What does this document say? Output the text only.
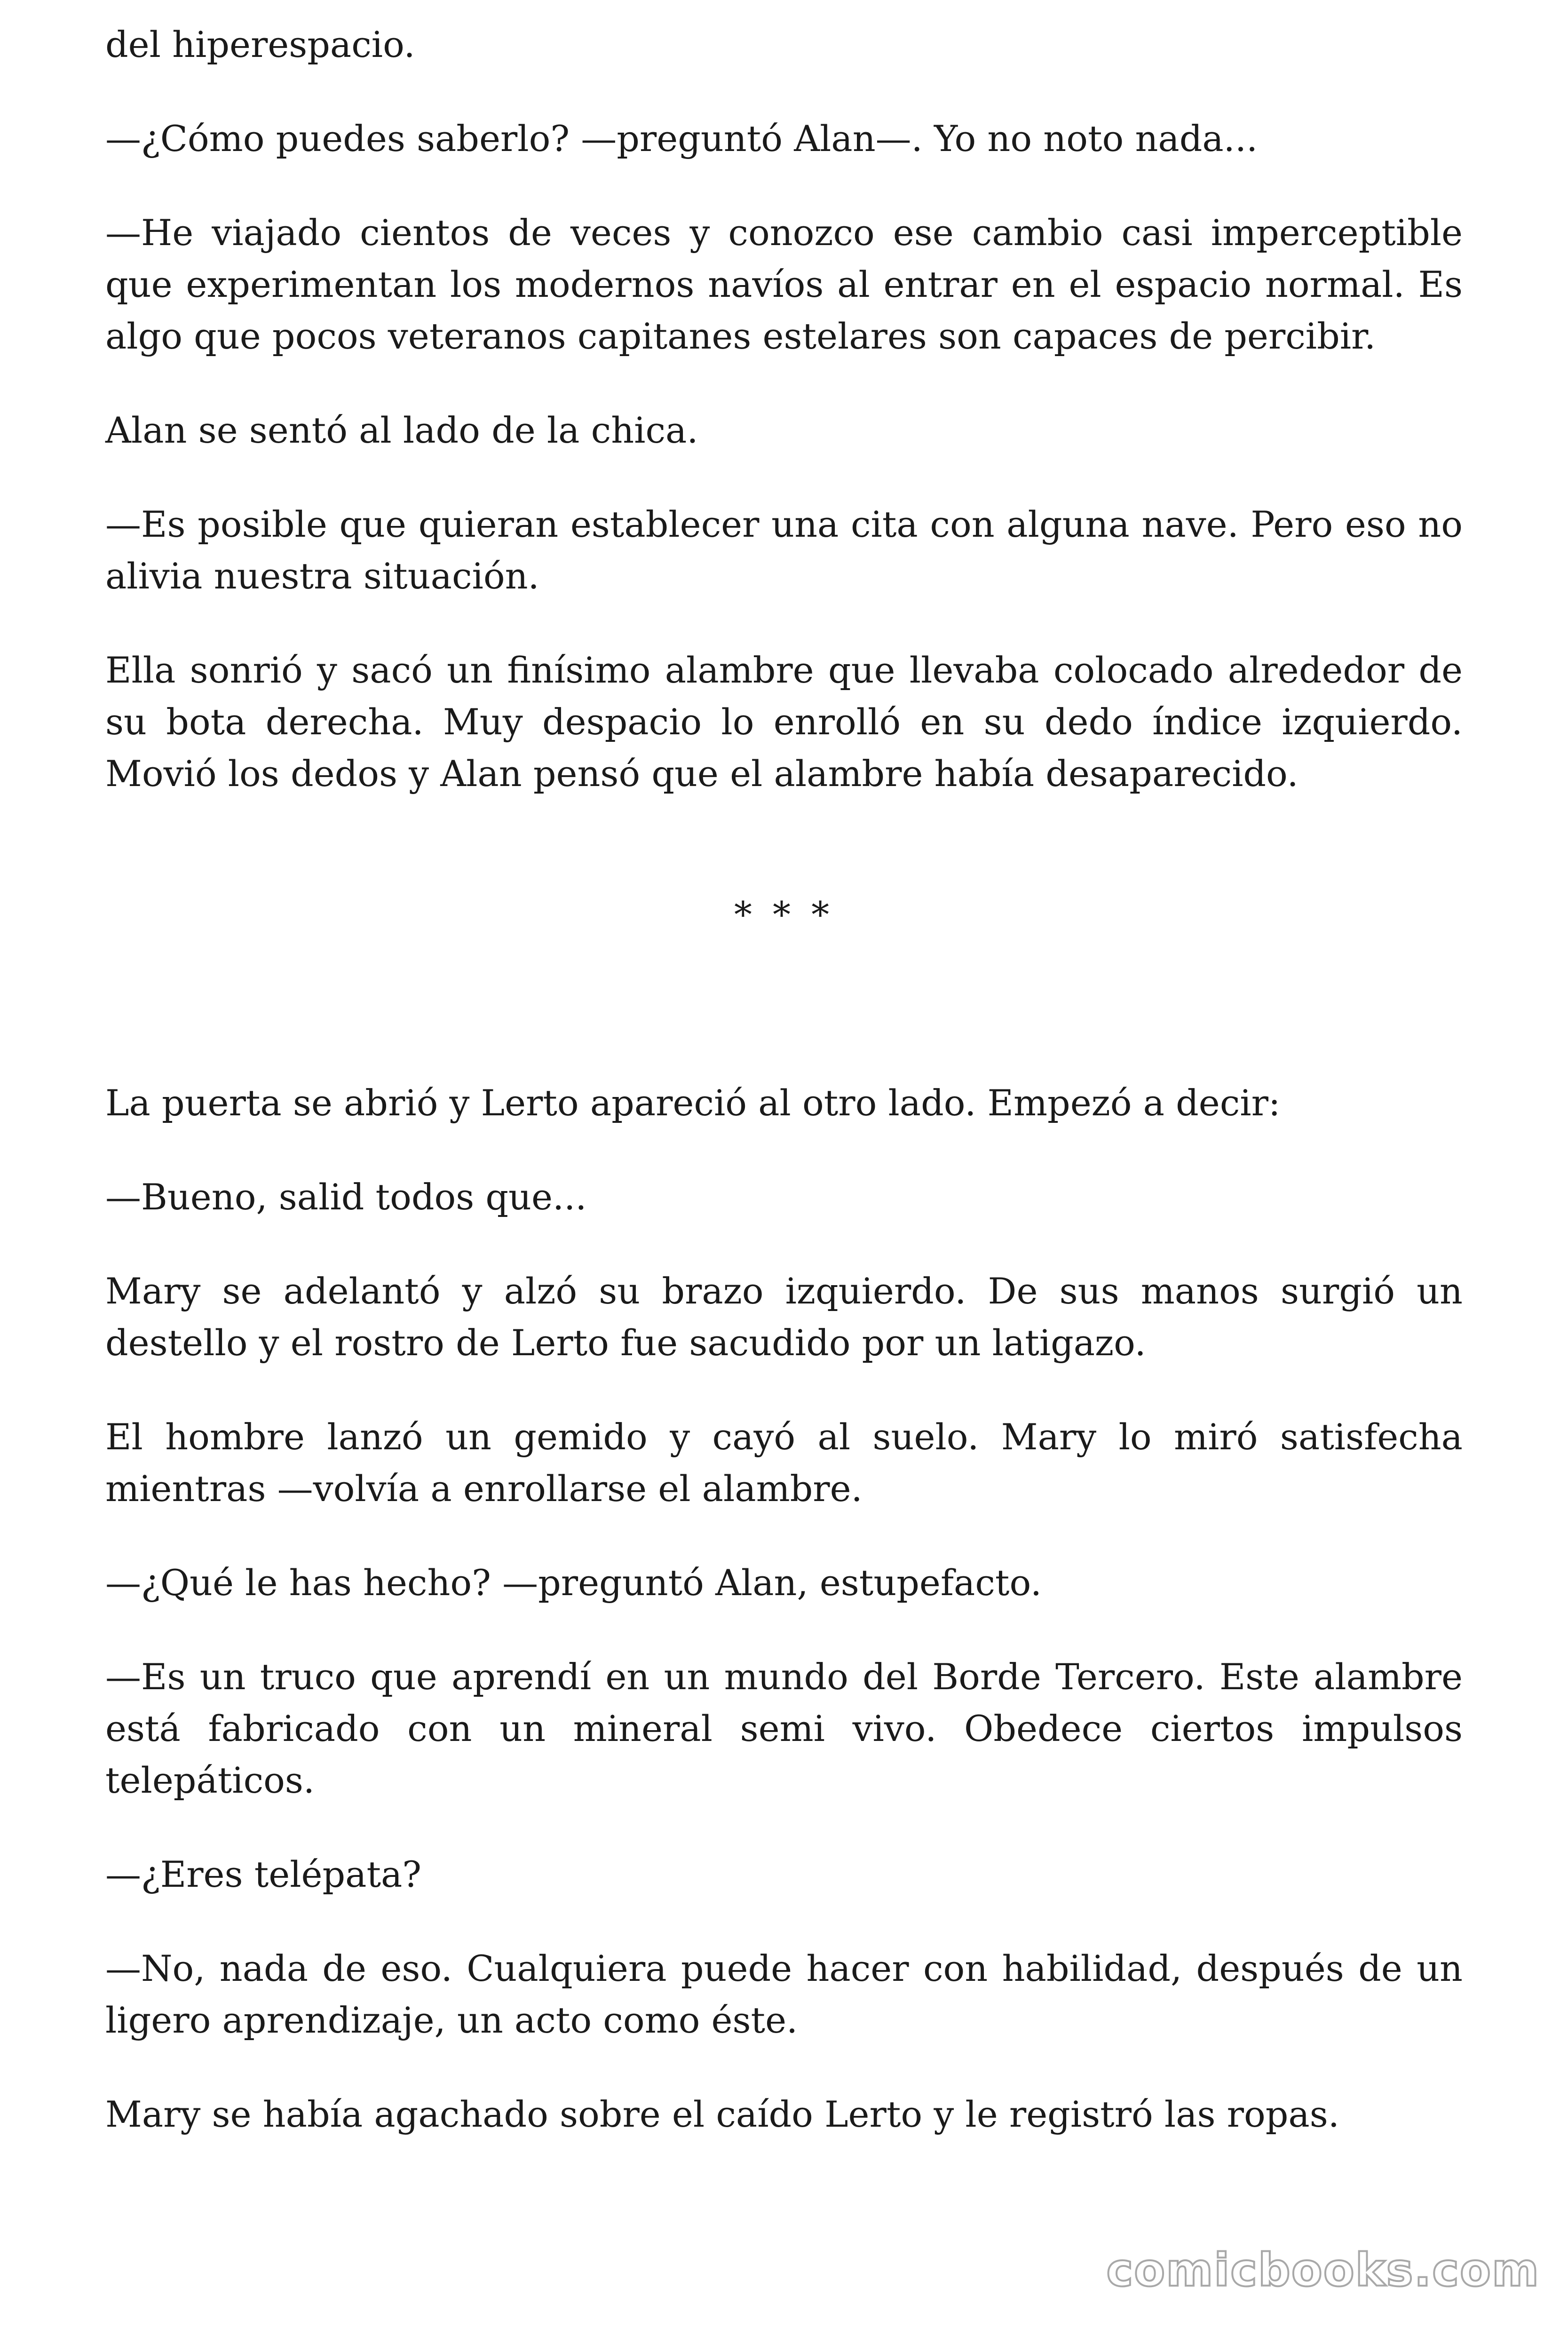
del hiperespacio.

—¿Cómo puedes saberlo? —preguntó Alan—. Yo no noto nada...

—He viajado cientos de veces y conozco ese cambio casi imperceptible que experimentan los modernos navíos al entrar en el espacio normal. Es algo que pocos veteranos capitanes estelares son capaces de percibir.

Alan se sentó al lado de la chica.

—Es posible que quieran establecer una cita con alguna nave. Pero eso no alivia nuestra situación.

Ella sonrió y sacó un finísimo alambre que llevaba colocado alrededor de su bota derecha. Muy despacio lo enrolló en su dedo índice izquierdo. Movió los dedos y Alan pensó que el alambre había desaparecido.

* * *

La puerta se abrió y Lerto apareció al otro lado. Empezó a decir:

—Bueno, salid todos que...

Mary se adelantó y alzó su brazo izquierdo. De sus manos surgió un destello y el rostro de Lerto fue sacudido por un latigazo.

El hombre lanzó un gemido y cayó al suelo. Mary lo miró satisfecha mientras —volvía a enrollarse el alambre.

—¿Qué le has hecho? —preguntó Alan, estupefacto.

—Es un truco que aprendí en un mundo del Borde Tercero. Este alambre está fabricado con un mineral semi vivo. Obedece ciertos impulsos telepáticos.

—¿Eres telépata?

—No, nada de eso. Cualquiera puede hacer con habilidad, después de un ligero aprendizaje, un acto como éste.

Mary se había agachado sobre el caído Lerto y le registró las ropas.

comicbooks.com
